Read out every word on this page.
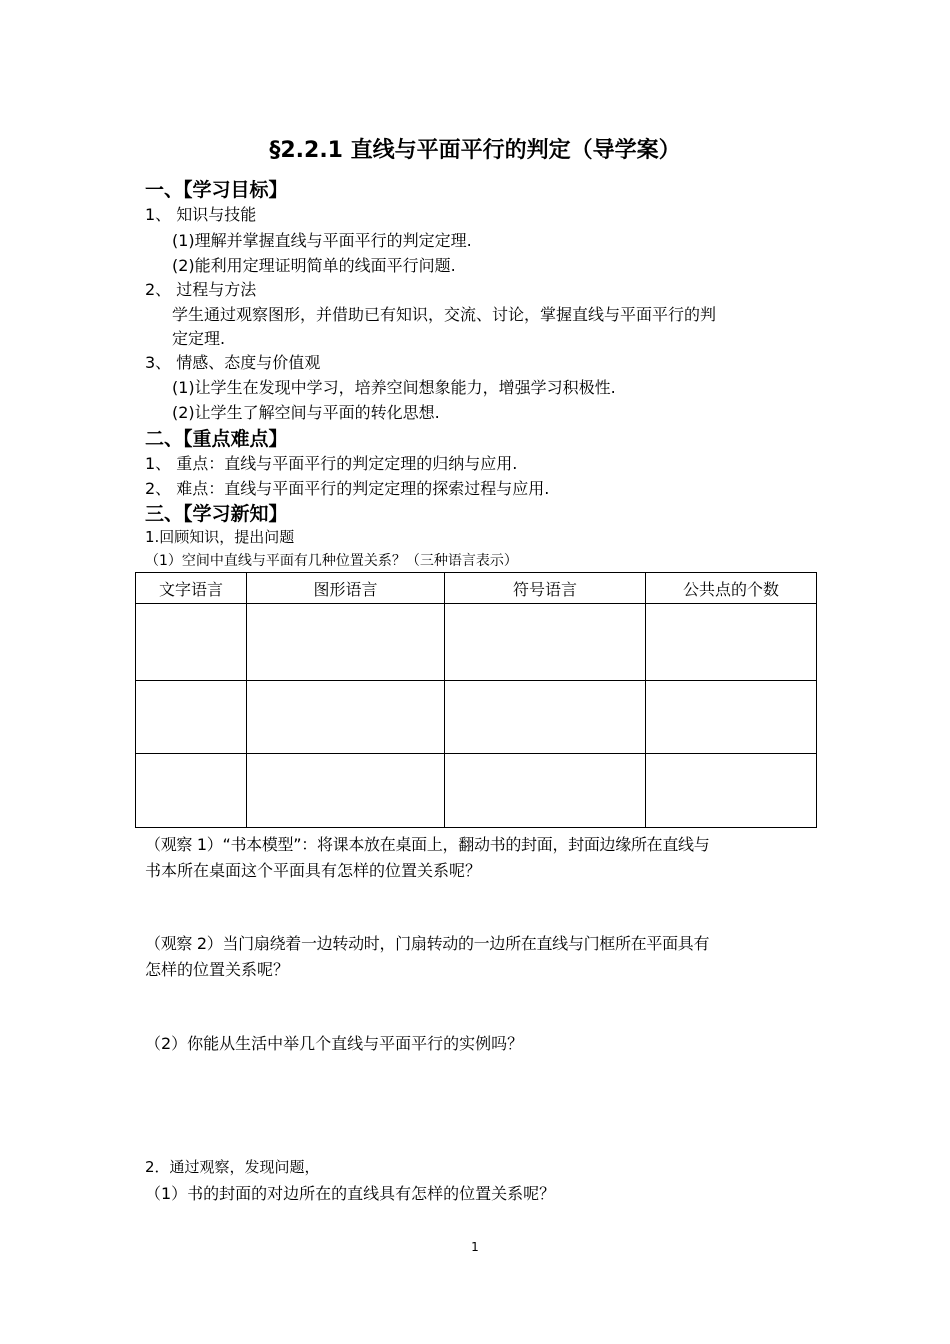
§2.2.1 直线与平面平行的判定（导学案）
一、【学习目标】
1、 知识与技能
(1)理解并掌握直线与平面平行的判定定理.
(2)能利用定理证明简单的线面平行问题.
2、 过程与方法
学生通过观察图形，并借助已有知识，交流、讨论，掌握直线与平面平行的判
定定理.
3、 情感、态度与价值观
(1)让学生在发现中学习，培养空间想象能力，增强学习积极性.
(2)让学生了解空间与平面的转化思想.
二、【重点难点】
1、 重点：直线与平面平行的判定定理的归纳与应用.
2、 难点：直线与平面平行的判定定理的探索过程与应用.
三、【学习新知】
1.回顾知识，提出问题
（1）空间中直线与平面有几种位置关系？（三种语言表示）
文字语言	图形语言	符号语言	公共点的个数

（观察 1）“书本模型”：将课本放在桌面上，翻动书的封面，封面边缘所在直线与
书本所在桌面这个平面具有怎样的位置关系呢？
（观察 2）当门扇绕着一边转动时，门扇转动的一边所在直线与门框所在平面具有
怎样的位置关系呢？
（2）你能从生活中举几个直线与平面平行的实例吗？
2．通过观察，发现问题，
（1）书的封面的对边所在的直线具有怎样的位置关系呢？
1
